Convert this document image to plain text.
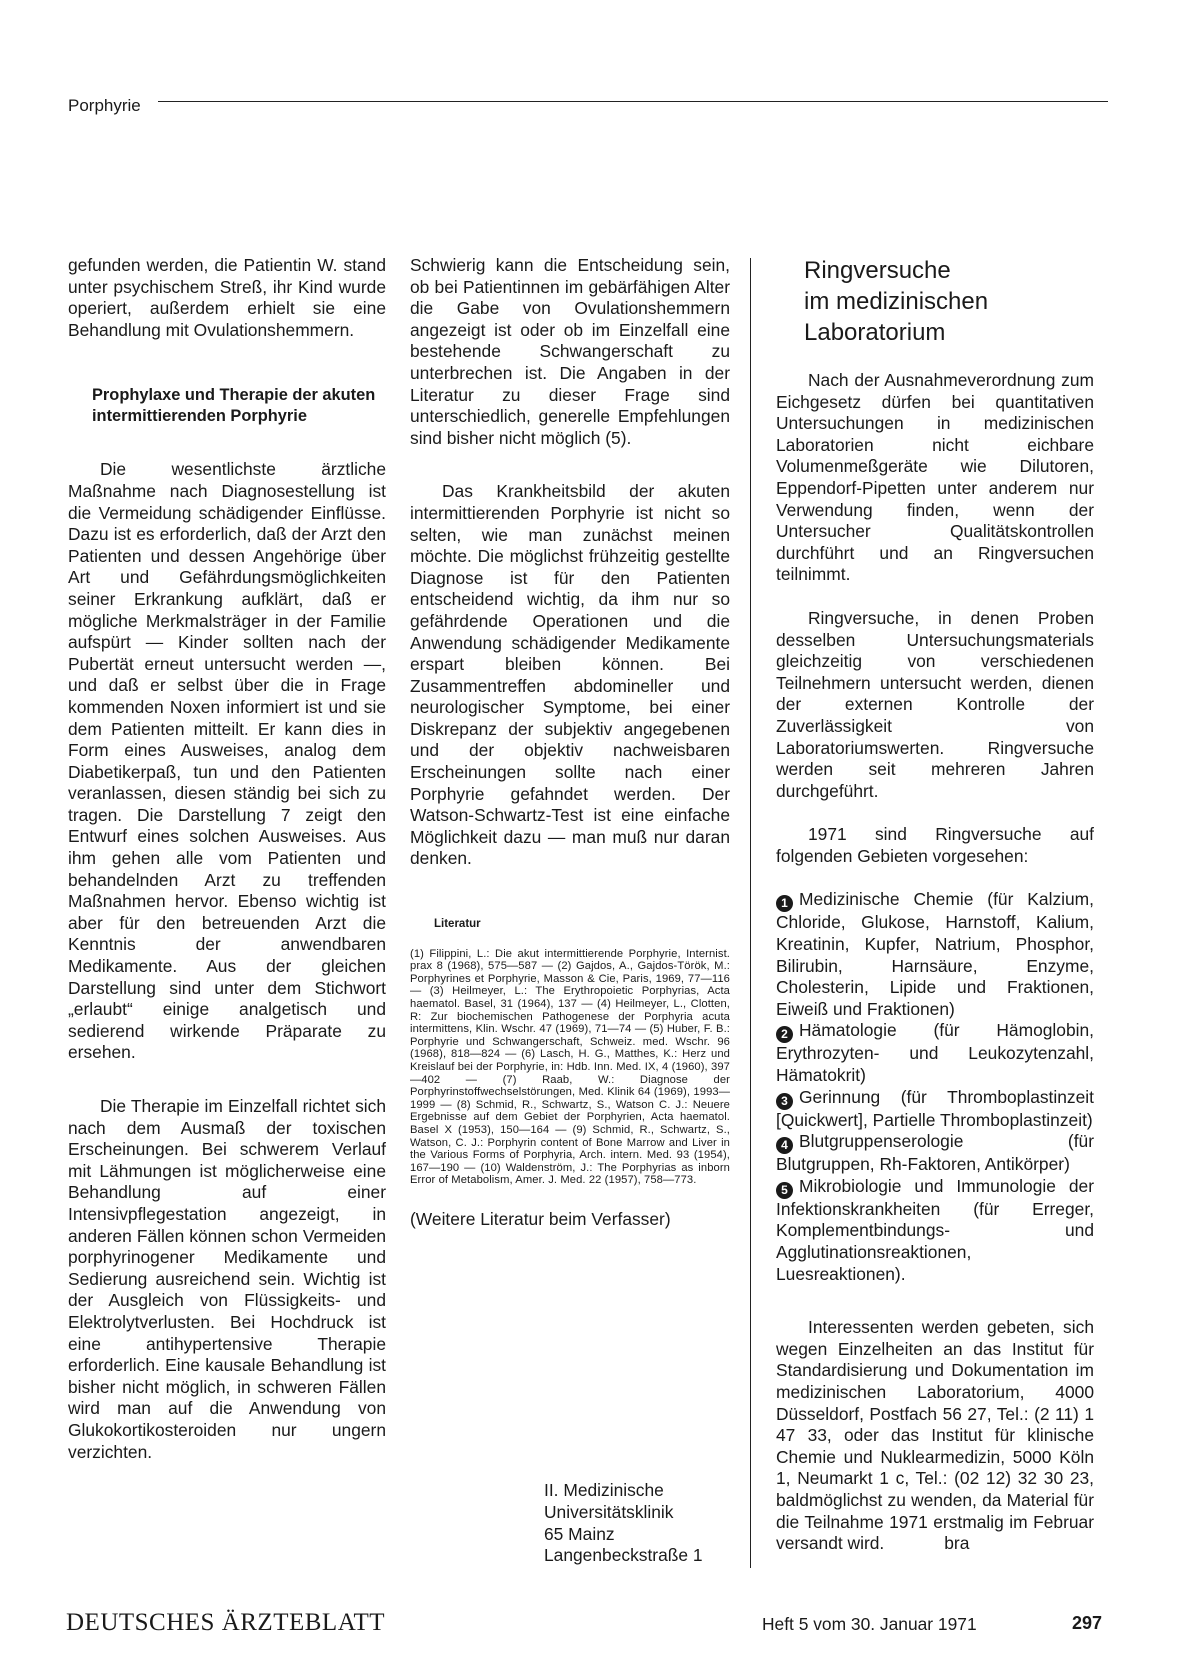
Porphyrie

gefunden werden, die Patientin W. stand unter psychischem Streß, ihr Kind wurde operiert, außerdem erhielt sie eine Behandlung mit Ovulationshemmern.

Prophylaxe und Therapie der akuten intermittierenden Porphyrie

Die wesentlichste ärztliche Maßnahme nach Diagnosestellung ist die Vermeidung schädigender Einflüsse. Dazu ist es erforderlich, daß der Arzt den Patienten und dessen Angehörige über Art und Gefährdungsmöglichkeiten seiner Erkrankung aufklärt, daß er mögliche Merkmalsträger in der Familie aufspürt — Kinder sollten nach der Pubertät erneut untersucht werden —, und daß er selbst über die in Frage kommenden Noxen informiert ist und sie dem Patienten mitteilt. Er kann dies in Form eines Ausweises, analog dem Diabetikerpaß, tun und den Patienten veranlassen, diesen ständig bei sich zu tragen. Die Darstellung 7 zeigt den Entwurf eines solchen Ausweises. Aus ihm gehen alle vom Patienten und behandelnden Arzt zu treffenden Maßnahmen hervor. Ebenso wichtig ist aber für den betreuenden Arzt die Kenntnis der anwendbaren Medikamente. Aus der gleichen Darstellung sind unter dem Stichwort „erlaubt“ einige analgetisch und sedierend wirkende Präparate zu ersehen.

Die Therapie im Einzelfall richtet sich nach dem Ausmaß der toxischen Erscheinungen. Bei schwerem Verlauf mit Lähmungen ist möglicherweise eine Behandlung auf einer Intensivpflegestation angezeigt, in anderen Fällen können schon Vermeiden porphyrinogener Medikamente und Sedierung ausreichend sein. Wichtig ist der Ausgleich von Flüssigkeits- und Elektrolytverlusten. Bei Hochdruck ist eine antihypertensive Therapie erforderlich. Eine kausale Behandlung ist bisher nicht möglich, in schweren Fällen wird man auf die Anwendung von Glukokortikosteroiden nur ungern verzichten.

Schwierig kann die Entscheidung sein, ob bei Patientinnen im gebärfähigen Alter die Gabe von Ovulationshemmern angezeigt ist oder ob im Einzelfall eine bestehende Schwangerschaft zu unterbrechen ist. Die Angaben in der Literatur zu dieser Frage sind unterschiedlich, generelle Empfehlungen sind bisher nicht möglich (5).

Das Krankheitsbild der akuten intermittierenden Porphyrie ist nicht so selten, wie man zunächst meinen möchte. Die möglichst frühzeitig gestellte Diagnose ist für den Patienten entscheidend wichtig, da ihm nur so gefährdende Operationen und die Anwendung schädigender Medikamente erspart bleiben können. Bei Zusammentreffen abdomineller und neurologischer Symptome, bei einer Diskrepanz der subjektiv angegebenen und der objektiv nachweisbaren Erscheinungen sollte nach einer Porphyrie gefahndet werden. Der Watson-Schwartz-Test ist eine einfache Möglichkeit dazu — man muß nur daran denken.

Literatur

(1) Filippini, L.: Die akut intermittierende Porphyrie, Internist. prax 8 (1968), 575—587 — (2) Gajdos, A., Gajdos-Török, M.: Porphyrines et Porphyrie, Masson & Cie, Paris, 1969, 77—116 — (3) Heilmeyer, L.: The Erythropoietic Porphyrias, Acta haematol. Basel, 31 (1964), 137 — (4) Heilmeyer, L., Clotten, R: Zur biochemischen Pathogenese der Porphyria acuta intermittens, Klin. Wschr. 47 (1969), 71—74 — (5) Huber, F. B.: Porphyrie und Schwangerschaft, Schweiz. med. Wschr. 96 (1968), 818—824 — (6) Lasch, H. G., Matthes, K.: Herz und Kreislauf bei der Porphyrie, in: Hdb. Inn. Med. IX, 4 (1960), 397—402 — (7) Raab, W.: Diagnose der Porphyrinstoffwechselstörungen, Med. Klinik 64 (1969), 1993—1999 — (8) Schmid, R., Schwartz, S., Watson C. J.: Neuere Ergebnisse auf dem Gebiet der Porphyrien, Acta haematol. Basel X (1953), 150—164 — (9) Schmid, R., Schwartz, S., Watson, C. J.: Porphyrin content of Bone Marrow and Liver in the Various Forms of Porphyria, Arch. intern. Med. 93 (1954), 167—190 — (10) Waldenström, J.: The Porphyrias as inborn Error of Metabolism, Amer. J. Med. 22 (1957), 758—773.

(Weitere Literatur beim Verfasser)

II. Medizinische
Universitätsklinik
65 Mainz
Langenbeckstraße 1
Ringversuche
im medizinischen
Laboratorium

Nach der Ausnahmeverordnung zum Eichgesetz dürfen bei quantitativen Untersuchungen in medizinischen Laboratorien nicht eichbare Volumenmeßgeräte wie Dilutoren, Eppendorf-Pipetten unter anderem nur Verwendung finden, wenn der Untersucher Qualitätskontrollen durchführt und an Ringversuchen teilnimmt.

Ringversuche, in denen Proben desselben Untersuchungsmaterials gleichzeitig von verschiedenen Teilnehmern untersucht werden, dienen der externen Kontrolle der Zuverlässigkeit von Laboratoriumswerten. Ringversuche werden seit mehreren Jahren durchgeführt.

1971 sind Ringversuche auf folgenden Gebieten vorgesehen:

1 Medizinische Chemie (für Kalzium, Chloride, Glukose, Harnstoff, Kalium, Kreatinin, Kupfer, Natrium, Phosphor, Bilirubin, Harnsäure, Enzyme, Cholesterin, Lipide und Fraktionen, Eiweiß und Fraktionen)

2 Hämatologie (für Hämoglobin, Erythrozyten- und Leukozytenzahl, Hämatokrit)

3 Gerinnung (für Thromboplastinzeit [Quickwert], Partielle Thromboplastinzeit)

4 Blutgruppenserologie (für Blutgruppen, Rh-Faktoren, Antikörper)

5 Mikrobiologie und Immunologie der Infektionskrankheiten (für Erreger, Komplementbindungs- und Agglutinationsreaktionen, Luesreaktionen).

Interessenten werden gebeten, sich wegen Einzelheiten an das Institut für Standardisierung und Dokumentation im medizinischen Laboratorium, 4000 Düsseldorf, Postfach 56 27, Tel.: (2 11) 1 47 33, oder das Institut für klinische Chemie und Nuklearmedizin, 5000 Köln 1, Neumarkt 1 c, Tel.: (02 12) 32 30 23, baldmöglichst zu wenden, da Material für die Teilnahme 1971 erstmalig im Februar versandt wird.	bra

DEUTSCHES ÄRZTEBLATT	Heft 5 vom 30. Januar 1971	297
